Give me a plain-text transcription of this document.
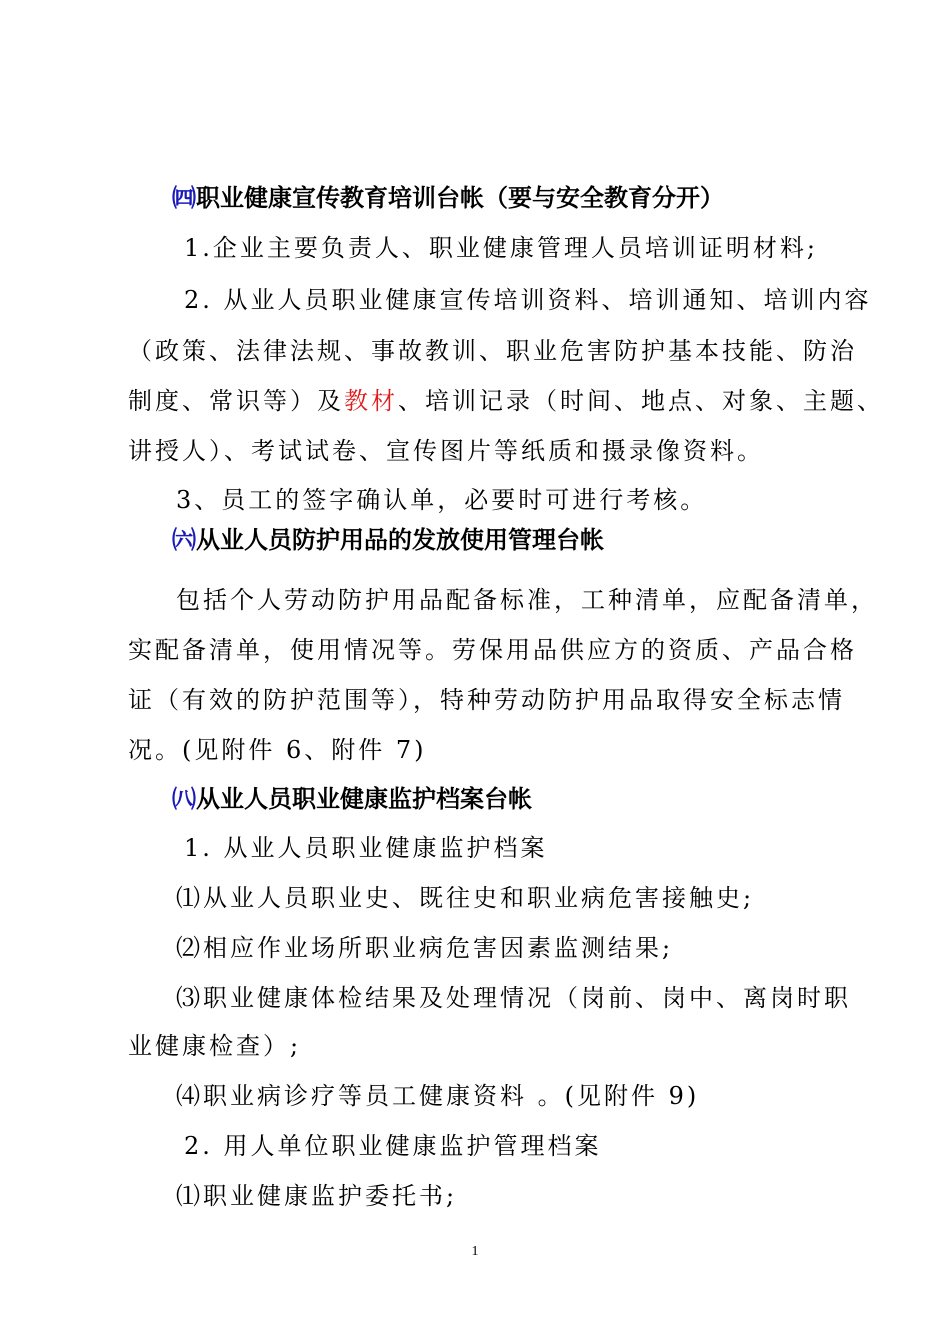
㈣职业健康宣传教育培训台帐（要与安全教育分开）
1.企业主要负责人、职业健康管理人员培训证明材料;
2. 从业人员职业健康宣传培训资料、培训通知、培训内容
（政策、法律法规、事故教训、职业危害防护基本技能、防治
制度、常识等）及教材、培训记录（时间、地点、对象、主题、
讲授人）、考试试卷、宣传图片等纸质和摄录像资料。
3、员工的签字确认单，必要时可进行考核。
㈥从业人员防护用品的发放使用管理台帐
包括个人劳动防护用品配备标准，工种清单，应配备清单，
实配备清单，使用情况等。劳保用品供应方的资质、产品合格
证（有效的防护范围等），特种劳动防护用品取得安全标志情
况。(见附件 6、附件 7)
㈧从业人员职业健康监护档案台帐
1. 从业人员职业健康监护档案
⑴从业人员职业史、既往史和职业病危害接触史;
⑵相应作业场所职业病危害因素监测结果;
⑶职业健康体检结果及处理情况（岗前、岗中、离岗时职
业健康检查）;
⑷职业病诊疗等员工健康资料 。(见附件 9)
2. 用人单位职业健康监护管理档案
⑴职业健康监护委托书;
1
